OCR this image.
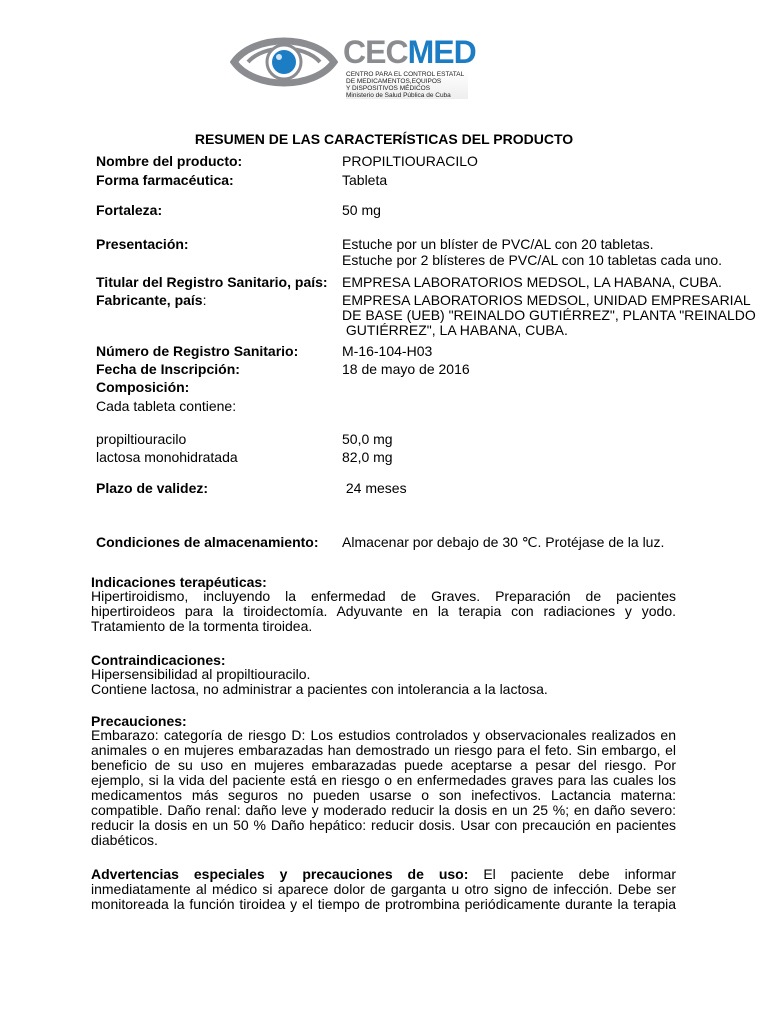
CECMED
CENTRO PARA EL CONTROL ESTATAL
DE MEDICAMENTOS,EQUIPOS
Y DISPOSITIVOS MÉDICOS
Ministerio de Salud Pública de Cuba
RESUMEN DE LAS CARACTERÍSTICAS DEL PRODUCTO
Nombre del producto:	PROPILTIOURACILO
Forma farmacéutica:	Tableta
Fortaleza:	50 mg
Presentación:	Estuche por un blíster de PVC/AL con 20 tabletas.
Estuche por 2 blísteres de PVC/AL con 10 tabletas cada uno.
Titular del Registro Sanitario, país: EMPRESA LABORATORIOS MEDSOL, LA HABANA, CUBA.
Fabricante, país:	EMPRESA LABORATORIOS MEDSOL, UNIDAD EMPRESARIAL
DE BASE (UEB) "REINALDO GUTIÉRREZ", PLANTA "REINALDO
GUTIÉRREZ", LA HABANA, CUBA.
Número de Registro Sanitario:	M-16-104-H03
Fecha de Inscripción:	18 de mayo de 2016
Composición:
Cada tableta contiene:
propiltiouracilo	50,0 mg
lactosa monohidratada	82,0 mg
Plazo de validez:	24 meses
Condiciones de almacenamiento: Almacenar por debajo de 30 ℃. Protéjase de la luz.
Indicaciones terapéuticas:
Hipertiroidismo, incluyendo la enfermedad de Graves. Preparación de pacientes
hipertiroideos para la tiroidectomía. Adyuvante en la terapia con radiaciones y yodo.
Tratamiento de la tormenta tiroidea.
Contraindicaciones:
Hipersensibilidad al propiltiouracilo.
Contiene lactosa, no administrar a pacientes con intolerancia a la lactosa.
Precauciones:
Embarazo: categoría de riesgo D: Los estudios controlados y observacionales realizados en
animales o en mujeres embarazadas han demostrado un riesgo para el feto. Sin embargo, el
beneficio de su uso en mujeres embarazadas puede aceptarse a pesar del riesgo. Por
ejemplo, si la vida del paciente está en riesgo o en enfermedades graves para las cuales los
medicamentos más seguros no pueden usarse o son inefectivos. Lactancia materna:
compatible. Daño renal: daño leve y moderado reducir la dosis en un 25 %; en daño severo:
reducir la dosis en un 50 % Daño hepático: reducir dosis. Usar con precaución en pacientes
diabéticos.
Advertencias especiales y precauciones de uso: El paciente debe informar
inmediatamente al médico si aparece dolor de garganta u otro signo de infección. Debe ser
monitoreada la función tiroidea y el tiempo de protrombina periódicamente durante la terapia
